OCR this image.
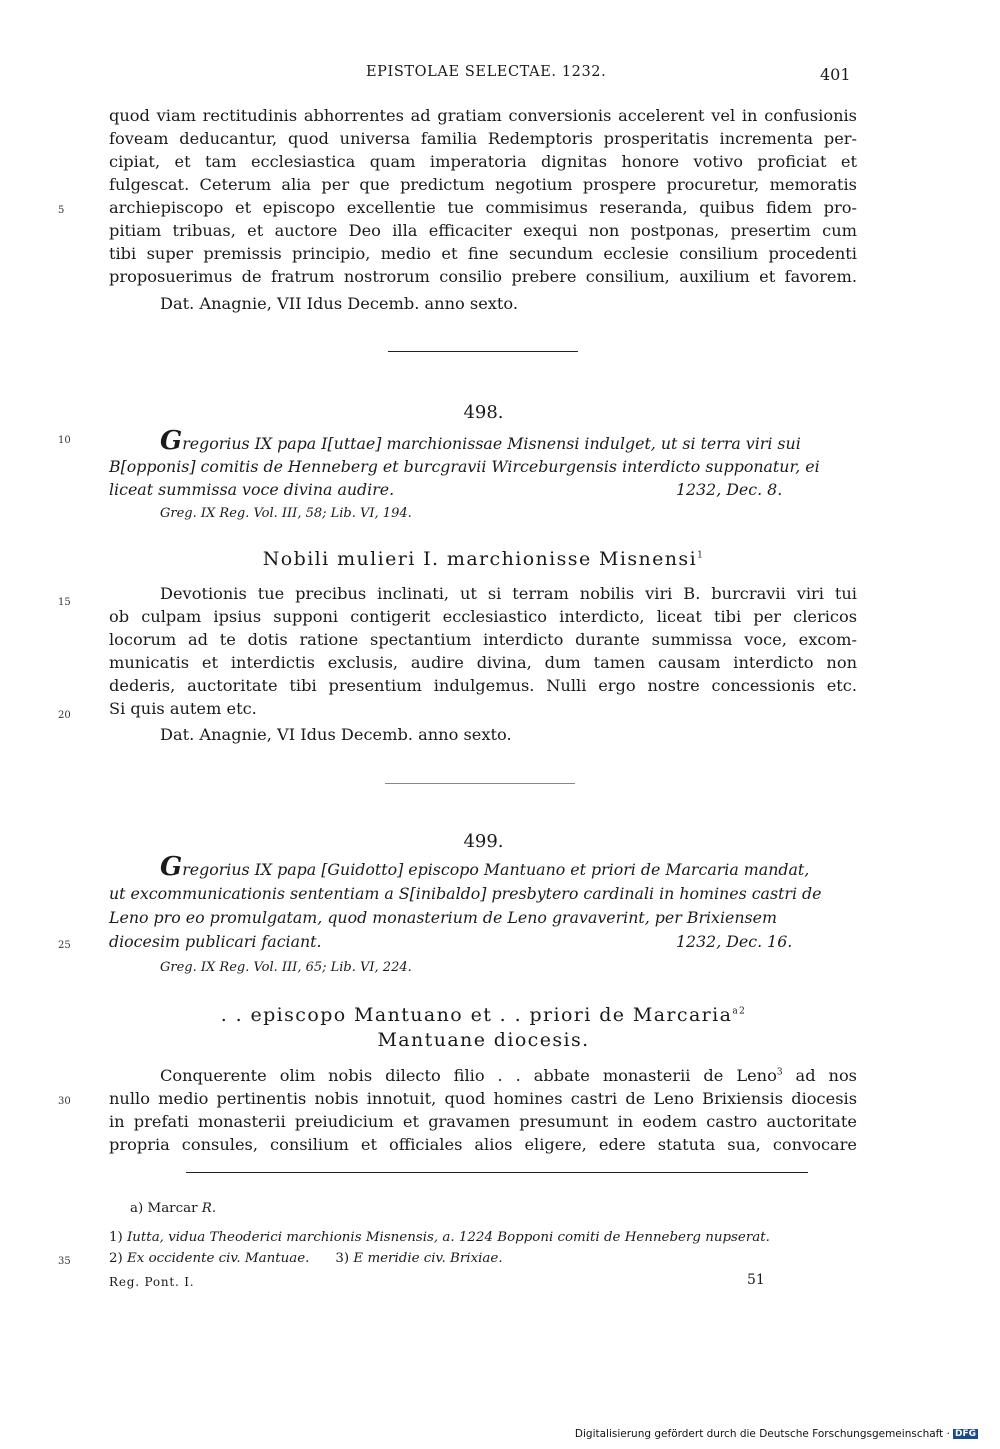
EPISTOLAE SELECTAE. 1232.	401
5
10
15
20
25
30
35
quod viam rectitudinis abhorrentes ad gratiam conversionis accelerent vel in confusionis
foveam deducantur, quod universa familia Redemptoris prosperitatis incrementa per-
cipiat, et tam ecclesiastica quam imperatoria dignitas honore votivo proficiat et
fulgescat. Ceterum alia per que predictum negotium prospere procuretur, memoratis
archiepiscopo et episcopo excellentie tue commisimus reseranda, quibus fidem pro-
pitiam tribuas, et auctore Deo illa efficaciter exequi non postponas, presertim cum
tibi super premissis principio, medio et fine secundum ecclesie consilium procedenti
proposuerimus de fratrum nostrorum consilio prebere consilium, auxilium et favorem.
Dat. Anagnie, VII Idus Decemb. anno sexto.
498.
Gregorius IX papa I[uttae] marchionissae Misnensi indulget, ut si terra viri sui
B[opponis] comitis de Henneberg et burcgravii Wirceburgensis interdicto supponatur, ei
liceat summissa voce divina audire.	1232, Dec. 8.
Greg. IX Reg. Vol. III, 58; Lib. VI, 194.
Nobili mulieri I. marchionisse Misnensi$^1$
Devotionis tue precibus inclinati, ut si terram nobilis viri B. burcravii viri tui
ob culpam ipsius supponi contigerit ecclesiastico interdicto, liceat tibi per clericos
locorum ad te dotis ratione spectantium interdicto durante summissa voce, excom-
municatis et interdictis exclusis, audire divina, dum tamen causam interdicto non
dederis, auctoritate tibi presentium indulgemus. Nulli ergo nostre concessionis etc.
Si quis autem etc.
Dat. Anagnie, VI Idus Decemb. anno sexto.
499.
Gregorius IX papa [Guidotto] episcopo Mantuano et priori de Marcaria mandat,
ut excommunicationis sententiam a S[inibaldo] presbytero cardinali in homines castri de
Leno pro eo promulgatam, quod monasterium de Leno gravaverint, per Brixiensem
diocesim publicari faciant.	1232, Dec. 16.
Greg. IX Reg. Vol. III, 65; Lib. VI, 224.
. . episcopo Mantuano et . . priori de Marcaria$^{a2}$
Mantuane diocesis.
Conquerente olim nobis dilecto filio . . abbate monasterii de Leno$^3$ ad nos
nullo medio pertinentis nobis innotuit, quod homines castri de Leno Brixiensis diocesis
in prefati monasterii preiudicium et gravamen presumunt in eodem castro auctoritate
propria consules, consilium et officiales alios eligere, edere statuta sua, convocare
a) Marcar R.
1) Iutta, vidua Theoderici marchionis Misnensis, a. 1224 Bopponi comiti de Henneberg nupserat.
2) Ex occidente civ. Mantuae. 3) E meridie civ. Brixiae.
Reg. Pont. I.	51
Digitalisierung gefördert durch die Deutsche Forschungsgemeinschaft · DFG
